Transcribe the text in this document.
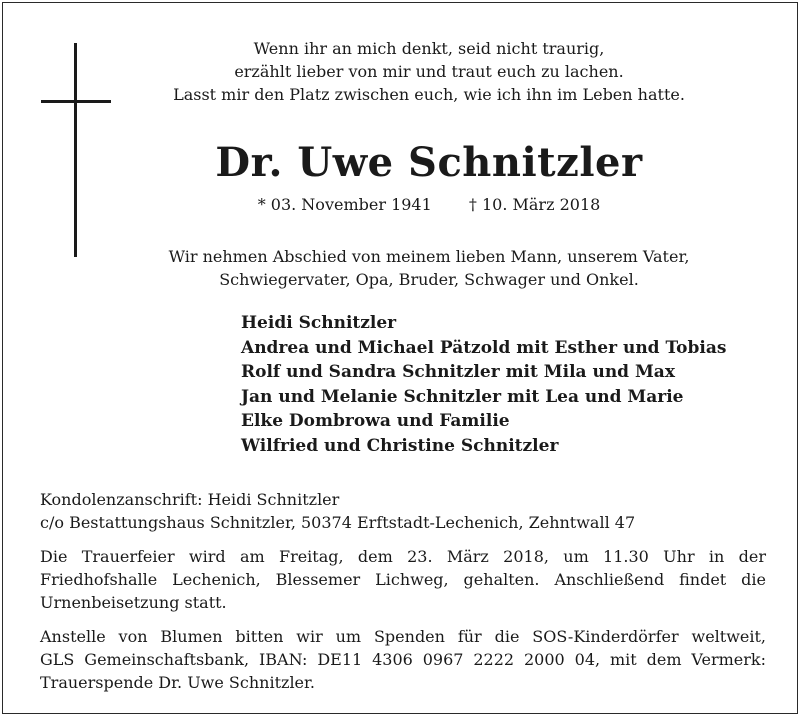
Wenn ihr an mich denkt, seid nicht traurig,
erzählt lieber von mir und traut euch zu lachen.
Lasst mir den Platz zwischen euch, wie ich ihn im Leben hatte.
Dr. Uwe Schnitzler
* 03. November 1941 † 10. März 2018
Wir nehmen Abschied von meinem lieben Mann, unserem Vater,
Schwiegervater, Opa, Bruder, Schwager und Onkel.
Heidi Schnitzler
Andrea und Michael Pätzold mit Esther und Tobias
Rolf und Sandra Schnitzler mit Mila und Max
Jan und Melanie Schnitzler mit Lea und Marie
Elke Dombrowa und Familie
Wilfried und Christine Schnitzler
Kondolenzanschrift: Heidi Schnitzler
c/o Bestattungshaus Schnitzler, 50374 Erftstadt-Lechenich, Zehntwall 47
Die Trauerfeier wird am Freitag, dem 23. März 2018, um 11.30 Uhr in der
Friedhofshalle Lechenich, Blessemer Lichweg, gehalten. Anschließend findet die
Urnenbeisetzung statt.
Anstelle von Blumen bitten wir um Spenden für die SOS-Kinderdörfer weltweit,
GLS Gemeinschaftsbank, IBAN: DE11 4306 0967 2222 2000 04, mit dem Vermerk:
Trauerspende Dr. Uwe Schnitzler.
